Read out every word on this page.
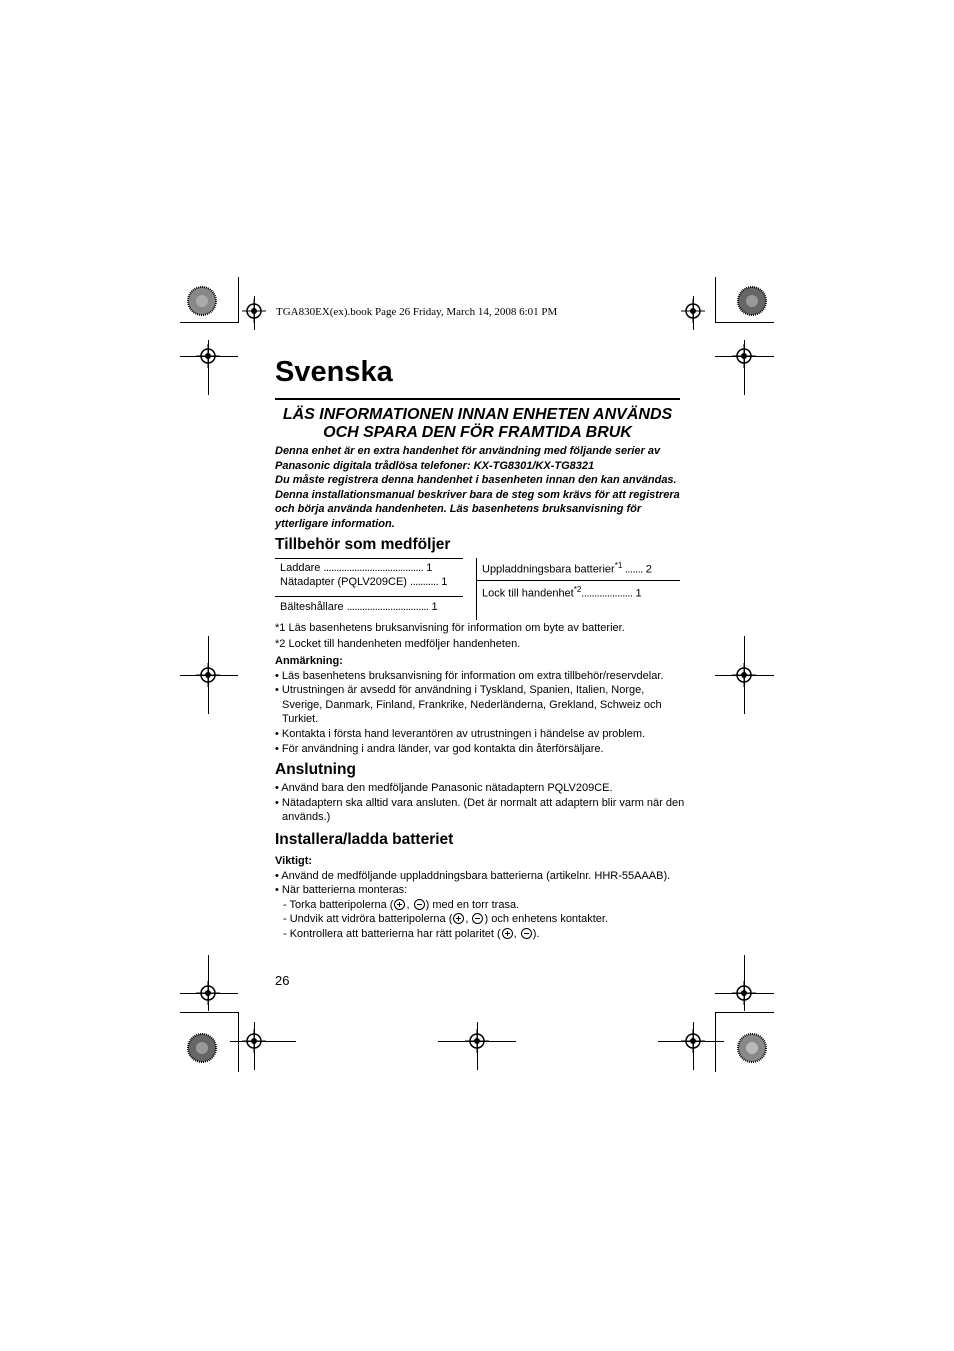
TGA830EX(ex).book Page 26 Friday, March 14, 2008 6:01 PM
Svenska
LÄS INFORMATIONEN INNAN ENHETEN ANVÄNDS
OCH SPARA DEN FÖR FRAMTIDA BRUK

Denna enhet är en extra handenhet för användning med följande serier av Panasonic digitala trådlösa telefoner: KX-TG8301/KX-TG8321

Du måste registrera denna handenhet i basenheten innan den kan användas. Denna installationsmanual beskriver bara de steg som krävs för att registrera och börja använda handenheten. Läs basenhetens bruksanvisning för ytterligare information.

Tillbehör som medföljer
Laddare ....................................... 1
Nätadapter (PQLV209CE) ........... 1
Bälteshållare ................................ 1
Uppladdningsbara batterier$^{*1}$ ....... 2
Lock till handenhet$^{*2}$.................... 1

*1 Läs basenhetens bruksanvisning för information om byte av batterier.

*2 Locket till handenheten medföljer handenheten.

Anmärkning:

• Läs basenhetens bruksanvisning för information om extra tillbehör/reservdelar.

• Utrustningen är avsedd för användning i Tyskland, Spanien, Italien, Norge, Sverige, Danmark, Finland, Frankrike, Nederländerna, Grekland, Schweiz och Turkiet.

• Kontakta i första hand leverantören av utrustningen i händelse av problem.

• För användning i andra länder, var god kontakta din återförsäljare.

Anslutning

• Använd bara den medföljande Panasonic nätadaptern PQLV209CE.

• Nätadaptern ska alltid vara ansluten. (Det är normalt att adaptern blir varm när den används.)

Installera/ladda batteriet

Viktigt:

• Använd de medföljande uppladdningsbara batterierna (artikelnr. HHR-55AAAB).

• När batterierna monteras:

- Torka batteripolerna ( , ) med en torr trasa.

- Undvik att vidröra batteripolerna ( , ) och enhetens kontakter.

- Kontrollera att batterierna har rätt polaritet ( , ).

26
